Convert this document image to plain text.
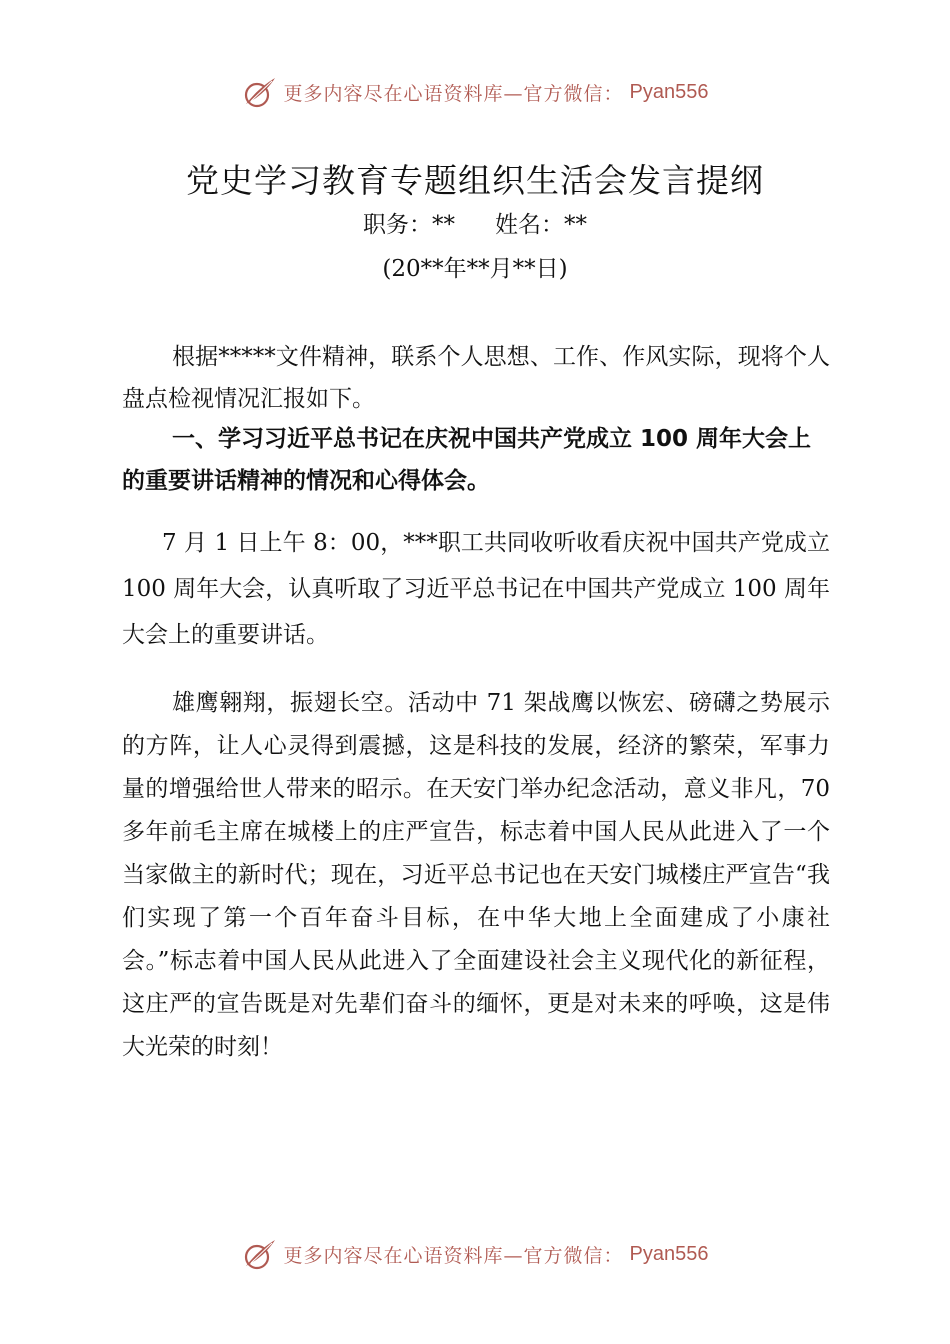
更多内容尽在心语资料库—官方微信： Pyan556
党史学习教育专题组织生活会发言提纲
职务：** 姓名：**
(20**年**月**日)

根据*****文件精神，联系个人思想、工作、作风实际，现将个人盘点检视情况汇报如下。

一、学习习近平总书记在庆祝中国共产党成立 100 周年大会上的重要讲话精神的情况和心得体会。

7 月 1 日上午 8：00，***职工共同收听收看庆祝中国共产党成立 100 周年大会，认真听取了习近平总书记在中国共产党成立 100 周年大会上的重要讲话。

雄鹰翱翔，振翅长空。活动中 71 架战鹰以恢宏、磅礴之势展示的方阵，让人心灵得到震撼，这是科技的发展，经济的繁荣，军事力量的增强给世人带来的昭示。在天安门举办纪念活动，意义非凡，70 多年前毛主席在城楼上的庄严宣告，标志着中国人民从此进入了一个当家做主的新时代；现在，习近平总书记也在天安门城楼庄严宣告“我们实现了第一个百年奋斗目标，在中华大地上全面建成了小康社会。”标志着中国人民从此进入了全面建设社会主义现代化的新征程，这庄严的宣告既是对先辈们奋斗的缅怀，更是对未来的呼唤，这是伟大光荣的时刻！

更多内容尽在心语资料库—官方微信： Pyan556
